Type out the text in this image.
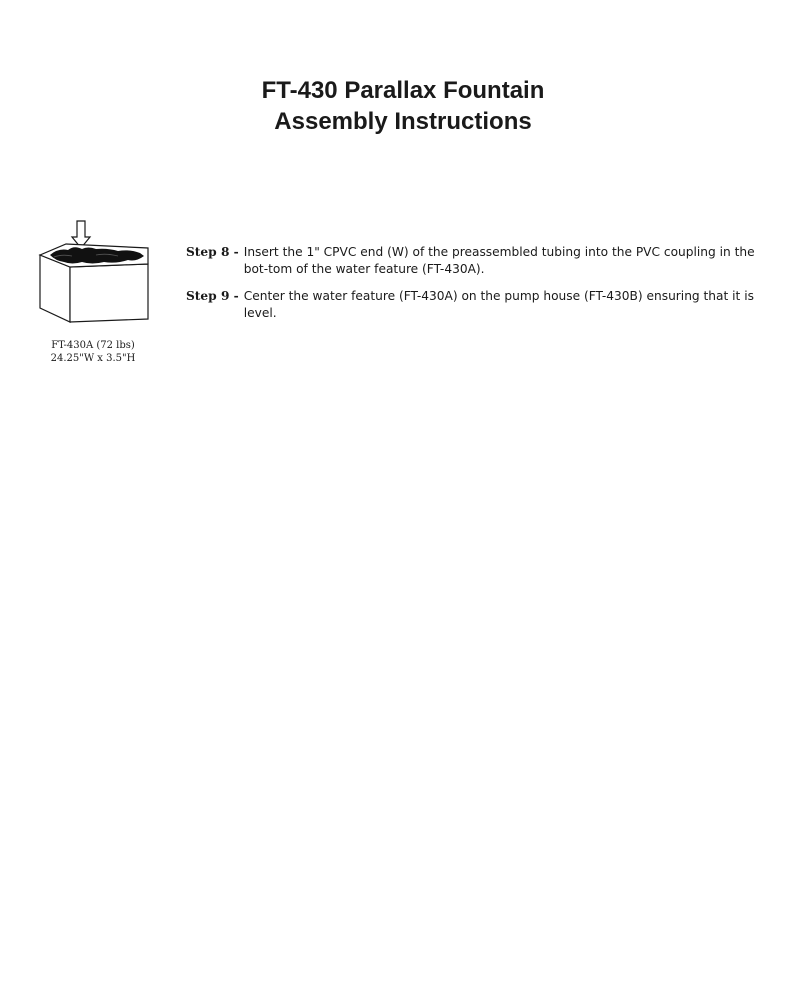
FT-430 Parallax Fountain
Assembly Instructions
FT-430A (72 lbs)
24.25"W x 3.5"H
Step 8 - Insert the 1" CPVC end (W) of the preassembled tubing into the PVC coupling in the bot-tom of the water feature (FT-430A).
Step 9 - Center the water feature (FT-430A) on the pump house (FT-430B) ensuring that it is level.
